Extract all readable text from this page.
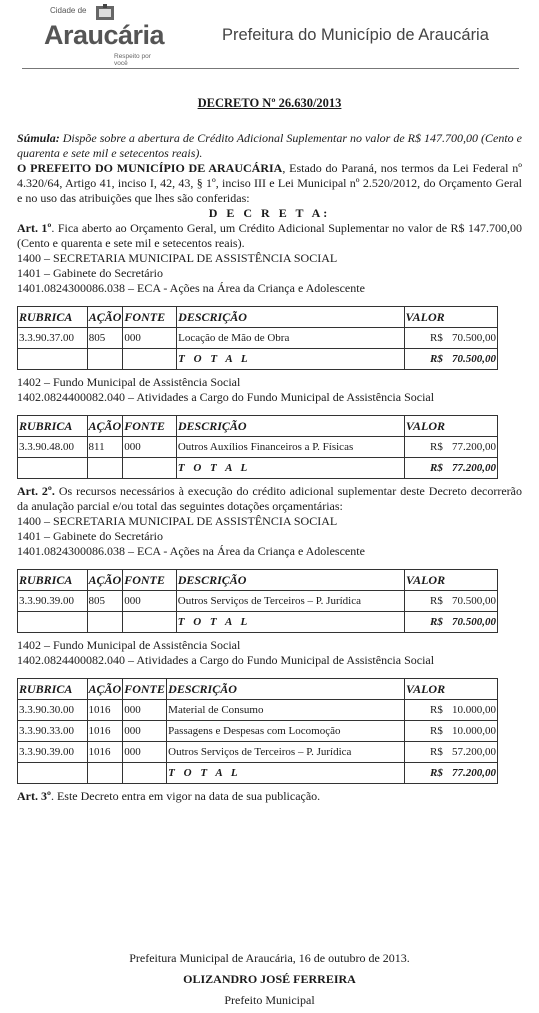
Cidade de
Araucária
Respeito por você
Prefeitura do Município de Araucária

DECRETO Nº 26.630/2013

Súmula: Dispõe sobre a abertura de Crédito Adicional Suplementar no valor de R$ 147.700,00 (Cento e quarenta e sete mil e setecentos reais).

O PREFEITO DO MUNICÍPIO DE ARAUCÁRIA, Estado do Paraná, nos termos da Lei Federal nº 4.320/64, Artigo 41, inciso I, 42, 43, § 1º, inciso III e Lei Municipal nº 2.520/2012, do Orçamento Geral e no uso das atribuições que lhes são conferidas:

D E C R E T A:

Art. 1º. Fica aberto ao Orçamento Geral, um Crédito Adicional Suplementar no valor de R$ 147.700,00 (Cento e quarenta e sete mil e setecentos reais).

1400 – SECRETARIA MUNICIPAL DE ASSISTÊNCIA SOCIAL

1401 – Gabinete do Secretário

1401.0824300086.038 – ECA - Ações na Área da Criança e Adolescente

RUBRICA	AÇÃO	FONTE	DESCRIÇÃO	VALOR
3.3.90.37.00	805	000	Locação de Mão de Obra	R$ 70.500,00
			T O T A L	R$ 70.500,00

1402 – Fundo Municipal de Assistência Social

1402.0824400082.040 – Atividades a Cargo do Fundo Municipal de Assistência Social

RUBRICA	AÇÃO	FONTE	DESCRIÇÃO	VALOR
3.3.90.48.00	811	000	Outros Auxílios Financeiros a P. Físicas	R$ 77.200,00
			T O T A L	R$ 77.200,00

Art. 2º. Os recursos necessários à execução do crédito adicional suplementar deste Decreto decorrerão da anulação parcial e/ou total das seguintes dotações orçamentárias:

1400 – SECRETARIA MUNICIPAL DE ASSISTÊNCIA SOCIAL

1401 – Gabinete do Secretário

1401.0824300086.038 – ECA - Ações na Área da Criança e Adolescente

RUBRICA	AÇÃO	FONTE	DESCRIÇÃO	VALOR
3.3.90.39.00	805	000	Outros Serviços de Terceiros – P. Jurídica	R$ 70.500,00
			T O T A L	R$ 70.500,00

1402 – Fundo Municipal de Assistência Social

1402.0824400082.040 – Atividades a Cargo do Fundo Municipal de Assistência Social

RUBRICA	AÇÃO	FONTE	DESCRIÇÃO	VALOR
3.3.90.30.00	1016	000	Material de Consumo	R$ 10.000,00
3.3.90.33.00	1016	000	Passagens e Despesas com Locomoção	R$ 10.000,00
3.3.90.39.00	1016	000	Outros Serviços de Terceiros – P. Jurídica	R$ 57.200,00
			T O T A L	R$ 77.200,00

Art. 3º. Este Decreto entra em vigor na data de sua publicação.

Prefeitura Municipal de Araucária, 16 de outubro de 2013.
OLIZANDRO JOSÉ FERREIRA
Prefeito Municipal
